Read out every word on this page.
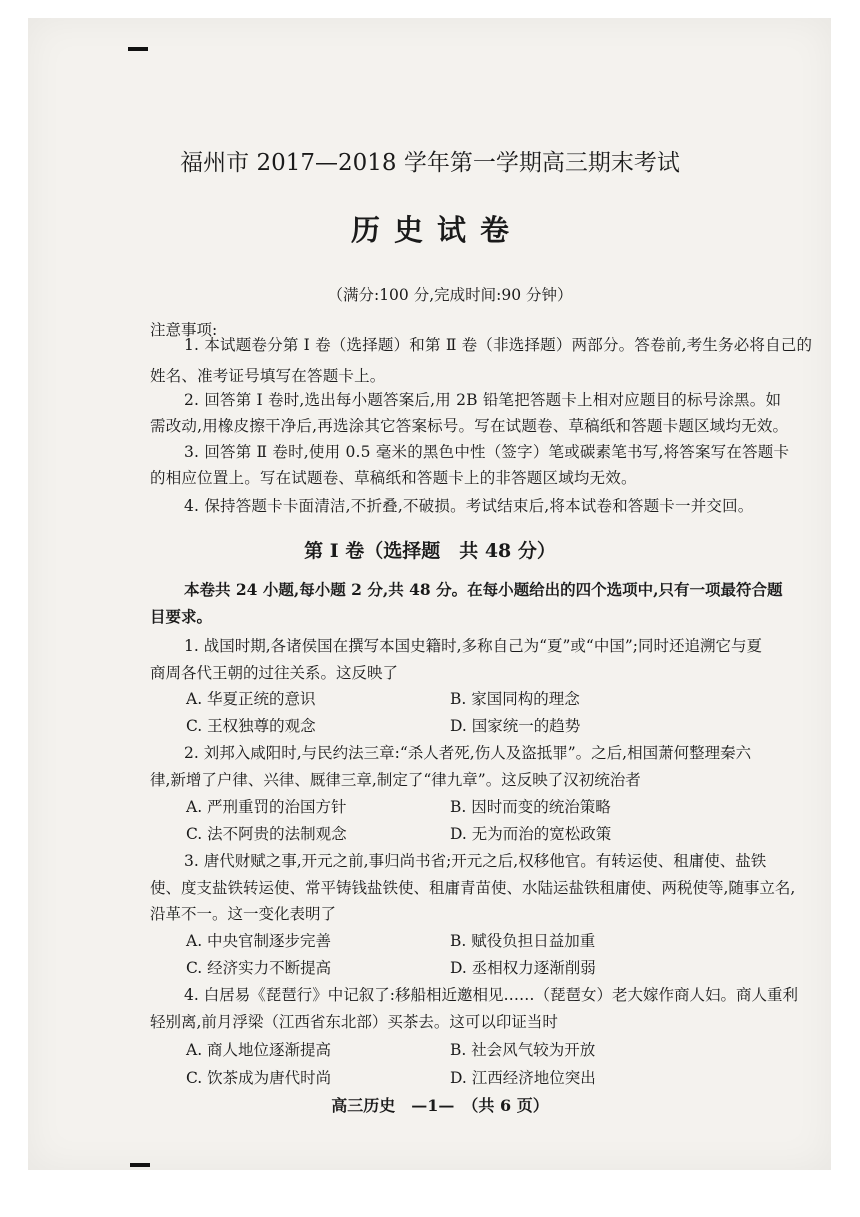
福州市 2017—2018 学年第一学期高三期末考试
历史试卷
（满分:100 分,完成时间:90 分钟）
注意事项:
1. 本试题卷分第 I 卷（选择题）和第 Ⅱ 卷（非选择题）两部分。答卷前,考生务必将自己的
姓名、准考证号填写在答题卡上。
2. 回答第 I 卷时,选出每小题答案后,用 2B 铅笔把答题卡上相对应题目的标号涂黑。如
需改动,用橡皮擦干净后,再选涂其它答案标号。写在试题卷、草稿纸和答题卡题区域均无效。
3. 回答第 Ⅱ 卷时,使用 0.5 毫米的黑色中性（签字）笔或碳素笔书写,将答案写在答题卡
的相应位置上。写在试题卷、草稿纸和答题卡上的非答题区域均无效。
4. 保持答题卡卡面清洁,不折叠,不破损。考试结束后,将本试卷和答题卡一并交回。
第 I 卷（选择题　共 48 分）
本卷共 24 小题,每小题 2 分,共 48 分。在每小题给出的四个选项中,只有一项最符合题
目要求。
1. 战国时期,各诸侯国在撰写本国史籍时,多称自己为“夏”或“中国”;同时还追溯它与夏
商周各代王朝的过往关系。这反映了
A. 华夏正统的意识	B. 家国同构的理念
C. 王权独尊的观念	D. 国家统一的趋势
2. 刘邦入咸阳时,与民约法三章:“杀人者死,伤人及盗抵罪”。之后,相国萧何整理秦六
律,新增了户律、兴律、厩律三章,制定了“律九章”。这反映了汉初统治者
A. 严刑重罚的治国方针	B. 因时而变的统治策略
C. 法不阿贵的法制观念	D. 无为而治的宽松政策
3. 唐代财赋之事,开元之前,事归尚书省;开元之后,权移他官。有转运使、租庸使、盐铁
使、度支盐铁转运使、常平铸钱盐铁使、租庸青苗使、水陆运盐铁租庸使、两税使等,随事立名,
沿革不一。这一变化表明了
A. 中央官制逐步完善	B. 赋役负担日益加重
C. 经济实力不断提高	D. 丞相权力逐渐削弱
4. 白居易《琵琶行》中记叙了:移船相近邀相见……（琵琶女）老大嫁作商人妇。商人重利
轻别离,前月浮梁（江西省东北部）买茶去。这可以印证当时
A. 商人地位逐渐提高	B. 社会风气较为开放
C. 饮茶成为唐代时尚	D. 江西经济地位突出
高三历史　—1—　（共 6 页）
